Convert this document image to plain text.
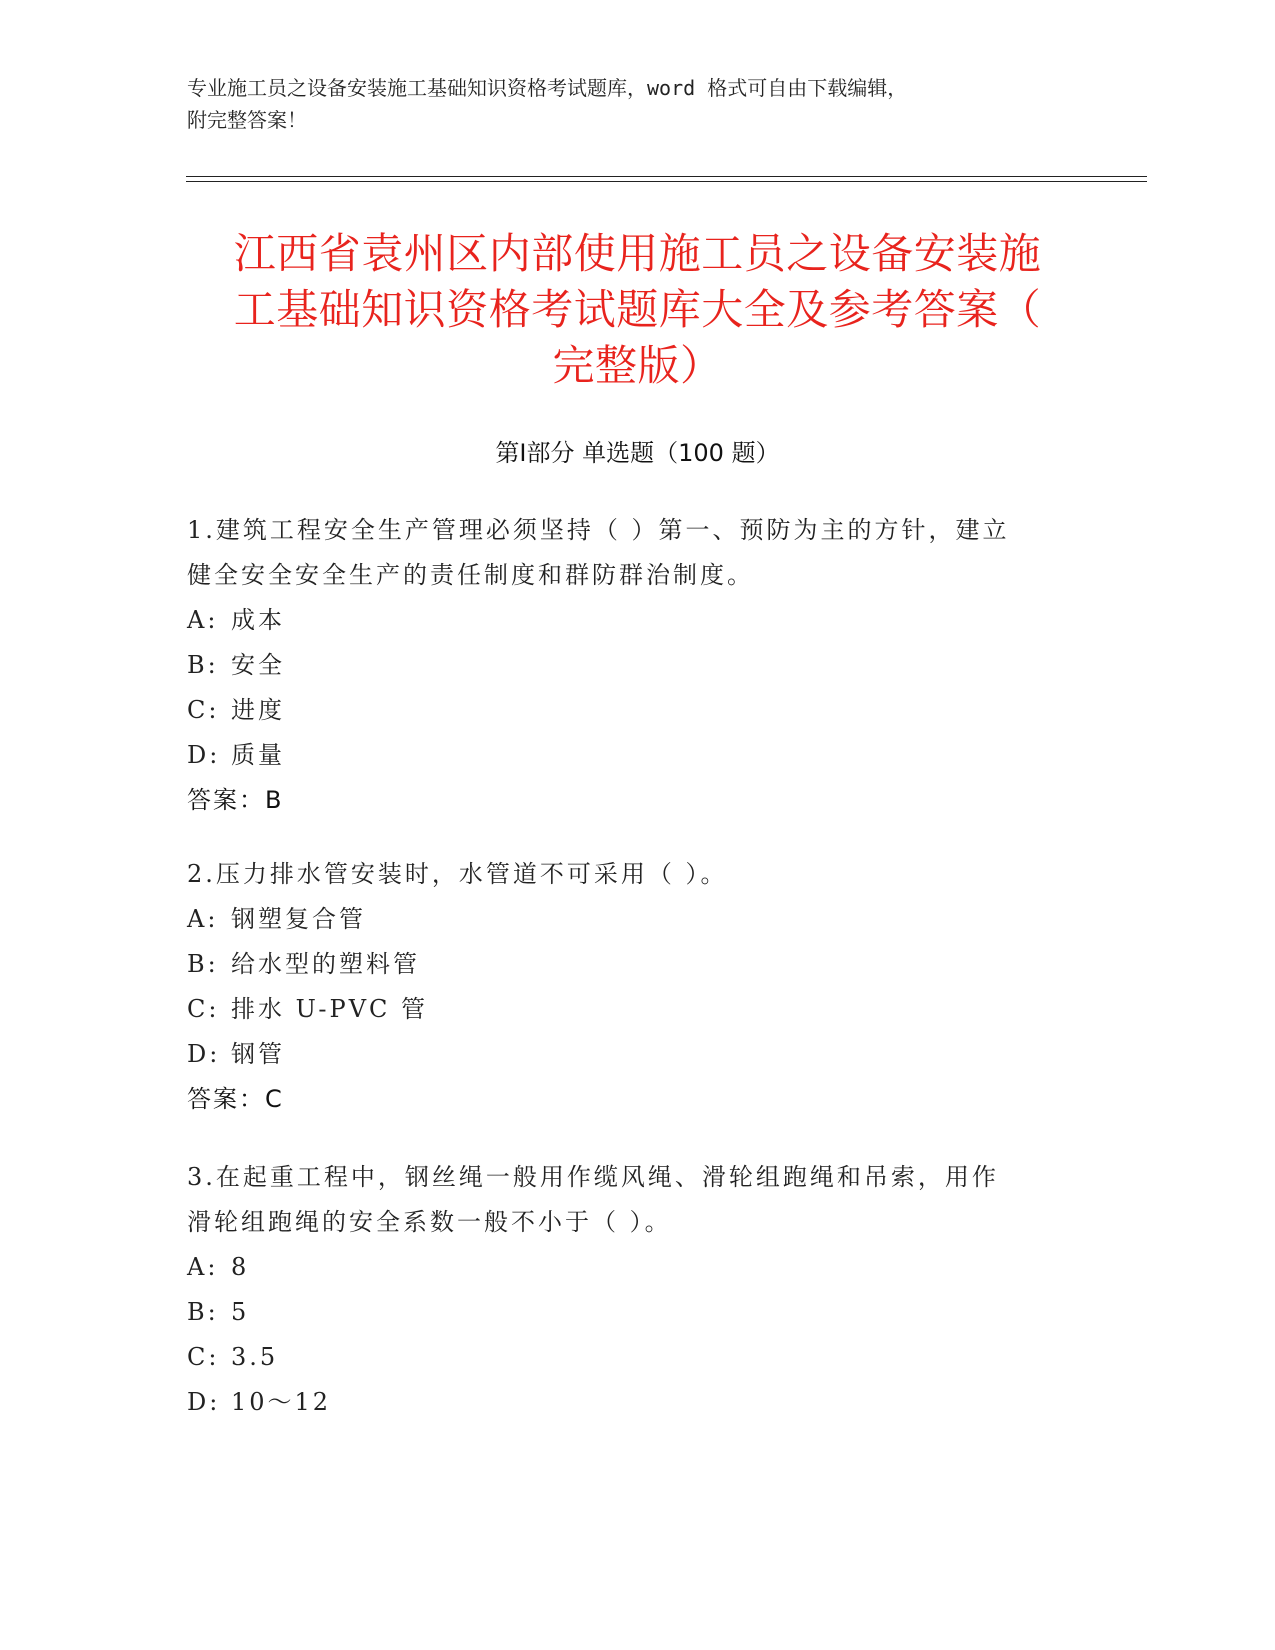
专业施工员之设备安装施工基础知识资格考试题库，word 格式可自由下载编辑，
附完整答案！
江西省袁州区内部使用施工员之设备安装施
工基础知识资格考试题库大全及参考答案（
完整版）
第Ⅰ部分 单选题（100 题）

1.建筑工程安全生产管理必须坚持（ ）第一、预防为主的方针，建立

健全安全安全生产的责任制度和群防群治制度。

A: 成本

B: 安全

C: 进度

D: 质量

答案：B

2.压力排水管安装时，水管道不可采用（ ）。

A: 钢塑复合管

B: 给水型的塑料管

C: 排水 U-PVC 管

D: 钢管

答案：C

3.在起重工程中，钢丝绳一般用作缆风绳、滑轮组跑绳和吊索，用作

滑轮组跑绳的安全系数一般不小于（ ）。

A: 8

B: 5

C: 3.5

D: 10～12
